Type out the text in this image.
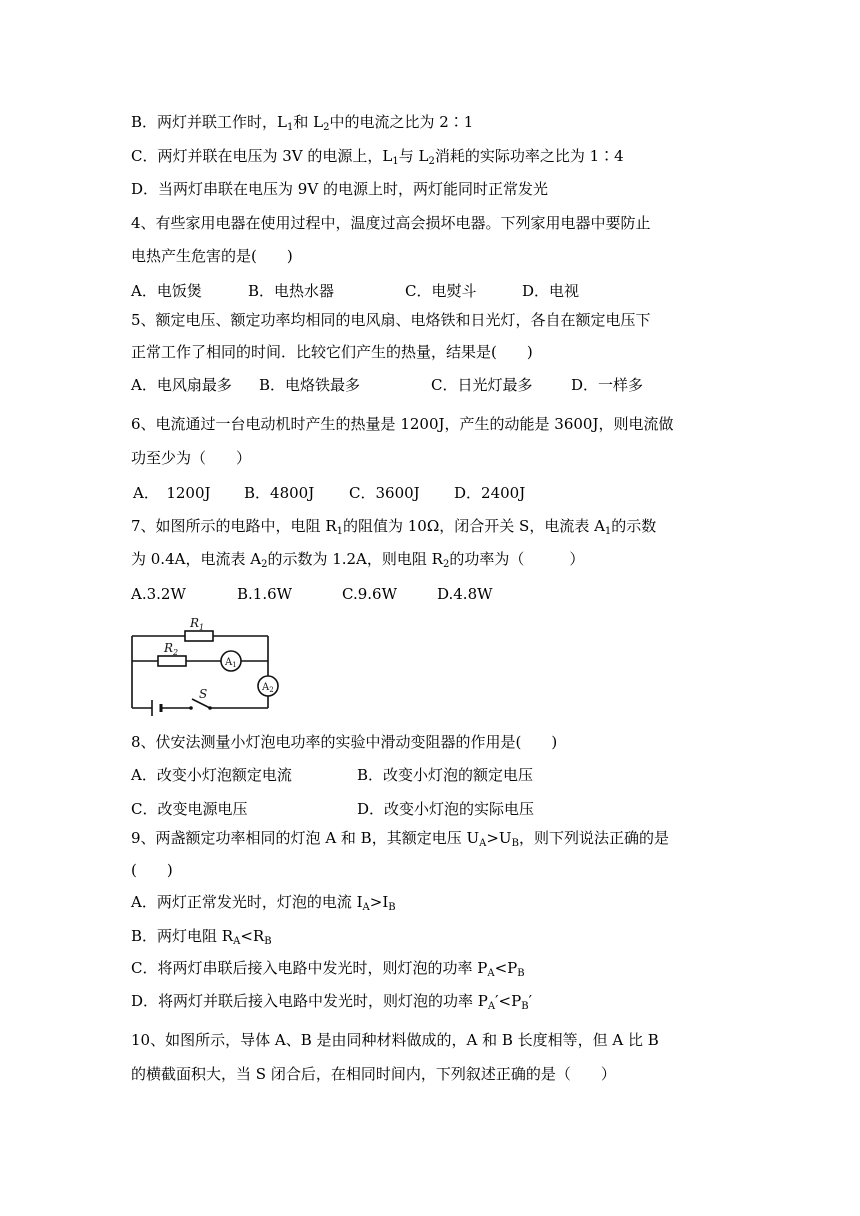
B．两灯并联工作时，$L_1$和 $L_2$中的电流之比为 2∶1
C．两灯并联在电压为 3V 的电源上，$L_1$与 $L_2$消耗的实际功率之比为 1∶4
D．当两灯串联在电压为 9V 的电源上时，两灯能同时正常发光
4、有些家用电器在使用过程中，温度过高会损坏电器。下列家用电器中要防止
电热产生危害的是(　　)
A．电饭煲	B．电热水器	C．电熨斗	D．电视
5、额定电压、额定功率均相同的电风扇、电烙铁和日光灯，各自在额定电压下
正常工作了相同的时间．比较它们产生的热量，结果是(　　)
A．电风扇最多 B．电烙铁最多	C．日光灯最多	D．一样多
6、电流通过一台电动机时产生的热量是 1200J，产生的动能是 3600J，则电流做
功至少为（　　）
A．　1200J B．4800J C．3600J D．2400J
7、如图所示的电路中，电阻 $R_1$的阻值为 10Ω，闭合开关 S，电流表 $A_1$的示数
为 0.4A，电流表 $A_2$的示数为 1.2A，则电阻 $R_2$的功率为（　　　）
A.3.2W	B.1.6W	C.9.6W	D.4.8W
$R_1$
$R_2$
S
$A_1$
$A_2$
8、伏安法测量小灯泡电功率的实验中滑动变阻器的作用是(　　)
A．改变小灯泡额定电流	B．改变小灯泡的额定电压
C．改变电源电压	D．改变小灯泡的实际电压
9、两盏额定功率相同的灯泡 A 和 B，其额定电压 $U_A>U_B$，则下列说法正确的是
(　　)
A．两灯正常发光时，灯泡的电流 $I_A>I_B$
B．两灯电阻 $R_A<R_B$
C．将两灯串联后接入电路中发光时，则灯泡的功率 $P_A<P_B$
D．将两灯并联后接入电路中发光时，则灯泡的功率 $P_A'<P_B'$
10、如图所示，导体 A、B 是由同种材料做成的，A 和 B 长度相等，但 A 比 B
的横截面积大，当 S 闭合后，在相同时间内，下列叙述正确的是（　　）
